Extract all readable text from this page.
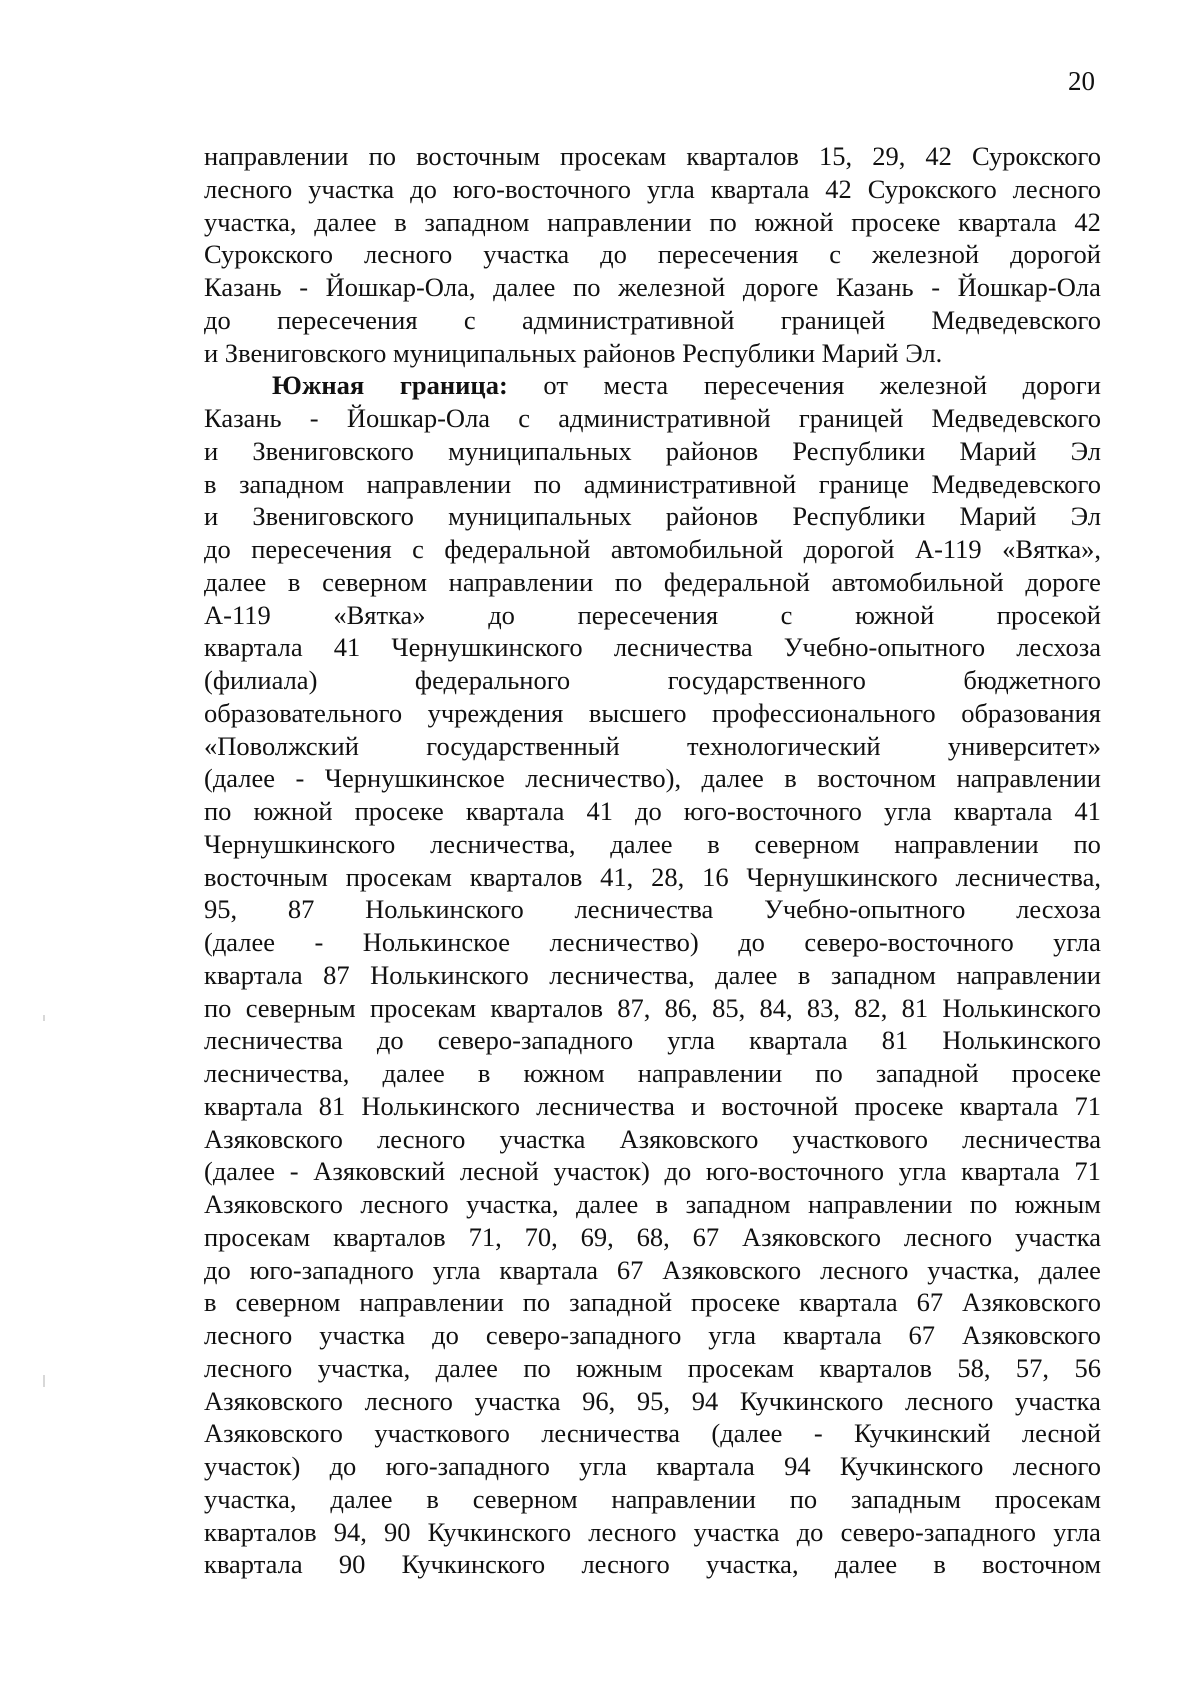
20
направлении по восточным просекам кварталов 15, 29, 42 Сурокского
лесного участка до юго-восточного угла квартала 42 Сурокского лесного
участка, далее в западном направлении по южной просеке квартала 42
Сурокского лесного участка до пересечения с железной дорогой
Казань - Йошкар-Ола, далее по железной дороге Казань - Йошкар-Ола
до пересечения с административной границей Медведевского
и Звениговского муниципальных районов Республики Марий Эл.
Южная граница: от места пересечения железной дороги
Казань - Йошкар-Ола с административной границей Медведевского
и Звениговского муниципальных районов Республики Марий Эл
в западном направлении по административной границе Медведевского
и Звениговского муниципальных районов Республики Марий Эл
до пересечения с федеральной автомобильной дорогой А-119 «Вятка»,
далее в северном направлении по федеральной автомобильной дороге
А-119 «Вятка» до пересечения с южной просекой
квартала 41 Чернушкинского лесничества Учебно-опытного лесхоза
(филиала)	федерального	государственного	бюджетного
образовательного учреждения высшего профессионального образования
«Поволжский	государственный	технологический	университет»
(далее - Чернушкинское лесничество), далее в восточном направлении
по южной просеке квартала 41 до юго-восточного угла квартала 41
Чернушкинского лесничества, далее в северном направлении по
восточным просекам кварталов 41, 28, 16 Чернушкинского лесничества,
95, 87 Нолькинского лесничества Учебно-опытного лесхоза
(далее - Нолькинское лесничество) до северо-восточного угла
квартала 87 Нолькинского лесничества, далее в западном направлении
по северным просекам кварталов 87, 86, 85, 84, 83, 82, 81 Нолькинского
лесничества до северо-западного угла квартала 81 Нолькинского
лесничества, далее в южном направлении по западной просеке
квартала 81 Нолькинского лесничества и восточной просеке квартала 71
Азяковского лесного участка Азяковского участкового лесничества
(далее - Азяковский лесной участок) до юго-восточного угла квартала 71
Азяковского лесного участка, далее в западном направлении по южным
просекам кварталов 71, 70, 69, 68, 67 Азяковского лесного участка
до юго-западного угла квартала 67 Азяковского лесного участка, далее
в северном направлении по западной просеке квартала 67 Азяковского
лесного участка до северо-западного угла квартала 67 Азяковского
лесного участка, далее по южным просекам кварталов 58, 57, 56
Азяковского лесного участка 96, 95, 94 Кучкинского лесного участка
Азяковского участкового лесничества (далее - Кучкинский лесной
участок) до юго-западного угла квартала 94 Кучкинского лесного
участка, далее в северном направлении по западным просекам
кварталов 94, 90 Кучкинского лесного участка до северо-западного угла
квартала 90 Кучкинского лесного участка, далее в восточном
